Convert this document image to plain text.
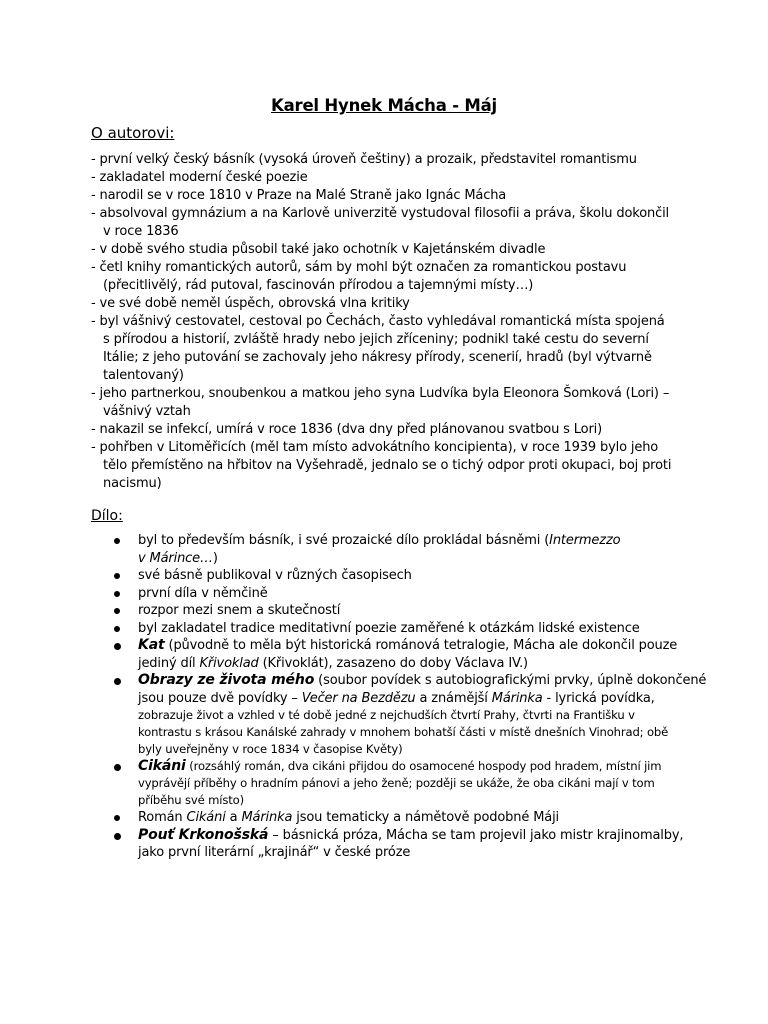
Karel Hynek Mácha - Máj
O autorovi:
- první velký český básník (vysoká úroveň češtiny) a prozaik, představitel romantismu
- zakladatel moderní české poezie
- narodil se v roce 1810 v Praze na Malé Straně jako Ignác Mácha
- absolvoval gymnázium a na Karlově univerzitě vystudoval filosofii a práva, školu dokončil
v roce 1836
- v době svého studia působil také jako ochotník v Kajetánském divadle
- četl knihy romantických autorů, sám by mohl být označen za romantickou postavu
(přecitlivělý, rád putoval, fascinován přírodou a tajemnými místy…)
- ve své době neměl úspěch, obrovská vlna kritiky
- byl vášnivý cestovatel, cestoval po Čechách, často vyhledával romantická místa spojená
s přírodou a historií, zvláště hrady nebo jejich zříceniny; podnikl také cestu do severní
Itálie; z jeho putování se zachovaly jeho nákresy přírody, scenerií, hradů (byl výtvarně
talentovaný)
- jeho partnerkou, snoubenkou a matkou jeho syna Ludvíka byla Eleonora Šomková (Lori) –
vášnivý vztah
- nakazil se infekcí, umírá v roce 1836 (dva dny před plánovanou svatbou s Lori)
- pohřben v Litoměřicích (měl tam místo advokátního koncipienta), v roce 1939 bylo jeho
tělo přemístěno na hřbitov na Vyšehradě, jednalo se o tichý odpor proti okupaci, boj proti
nacismu)
Dílo:
byl to především básník, i své prozaické dílo prokládal básněmi (Intermezzo
v Márince…)
své básně publikoval v různých časopisech
první díla v němčině
rozpor mezi snem a skutečností
byl zakladatel tradice meditativní poezie zaměřené k otázkám lidské existence
Kat (původně to měla být historická románová tetralogie, Mácha ale dokončil pouze
jediný díl Křivoklad (Křivoklát), zasazeno do doby Václava IV.)
Obrazy ze života mého (soubor povídek s autobiografickými prvky, úplně dokončené
jsou pouze dvě povídky – Večer na Bezdězu a známější Márinka - lyrická povídka,
zobrazuje život a vzhled v té době jedné z nejchudších čtvrtí Prahy, čtvrti na Františku v
kontrastu s krásou Kanálské zahrady v mnohem bohatší části v místě dnešních Vinohrad; obě
byly uveřejněny v roce 1834 v časopise Květy)
Cikáni (rozsáhlý román, dva cikáni přijdou do osamocené hospody pod hradem, místní jim
vyprávějí příběhy o hradním pánovi a jeho ženě; později se ukáže, že oba cikáni mají v tom
příběhu své místo)
Román Cikáni a Márinka jsou tematicky a námětově podobné Máji
Pouť Krkonošská – básnická próza, Mácha se tam projevil jako mistr krajinomalby,
jako první literární „krajinář“ v české próze
